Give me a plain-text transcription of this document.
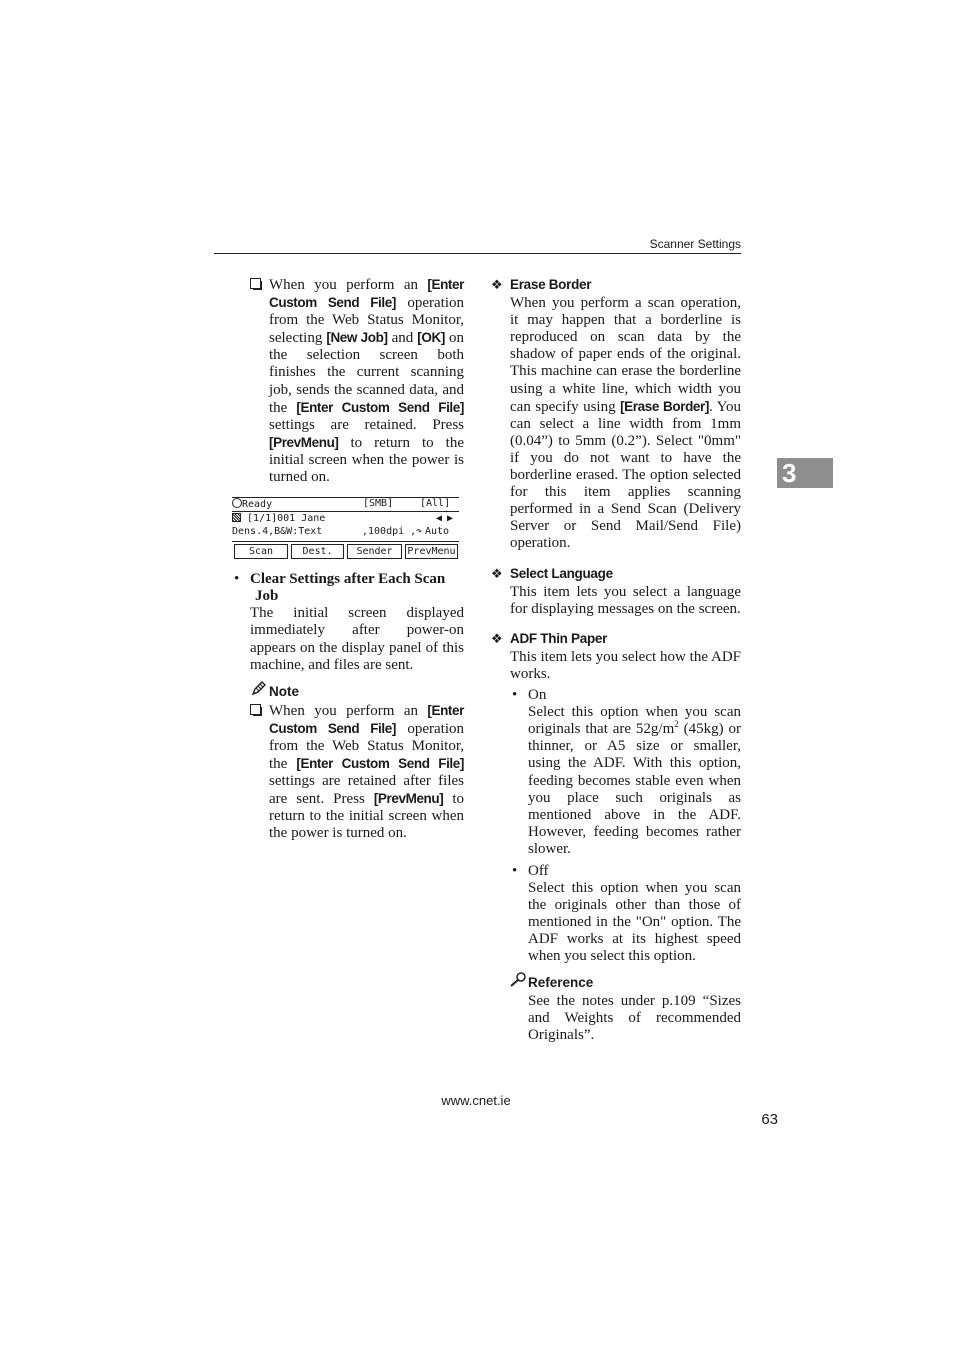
Scanner Settings
3
When you perform an [Enter Custom Send File] operation from the Web Status Monitor, selecting [New Job] and [OK] on the selection screen both finishes the current scanning job, sends the scanned data, and the [Enter Custom Send File] settings are retained. Press [PrevMenu] to return to the initial screen when the power is turned on.
Ready	[SMB]	[All]
[1/1]001 Jane	◀ ▶
Dens.4,B&W:Text	,100dpi , ↷ Auto
Scan	Dest.	Sender	PrevMenu
• Clear Settings after Each Scan Job
The initial screen displayed immediately after power-on appears on the display panel of this machine, and files are sent.
Note
When you perform an [Enter Custom Send File] operation from the Web Status Monitor, the [Enter Custom Send File] settings are retained after files are sent. Press [PrevMenu] to return to the initial screen when the power is turned on.
❖ Erase Border
When you perform a scan operation, it may happen that a borderline is reproduced on scan data by the shadow of paper ends of the original. This machine can erase the borderline using a white line, which width you can specify using [Erase Border]. You can select a line width from 1mm (0.04”) to 5mm (0.2”). Select "0mm" if you do not want to have the borderline erased. The option selected for this item applies scanning performed in a Send Scan (Delivery Server or Send Mail/Send File) operation.
❖ Select Language
This item lets you select a language for displaying messages on the screen.
❖ ADF Thin Paper
This item lets you select how the ADF works.
• On
Select this option when you scan originals that are $52g/m^2$ (45kg) or thinner, or A5 size or smaller, using the ADF. With this option, feeding becomes stable even when you place such originals as mentioned above in the ADF. However, feeding becomes rather slower.
• Off
Select this option when you scan the originals other than those of mentioned in the "On" option. The ADF works at its highest speed when you select this option.
Reference
See the notes under p.109 “Sizes and Weights of recommended Originals”.
www.cnet.ie
63
